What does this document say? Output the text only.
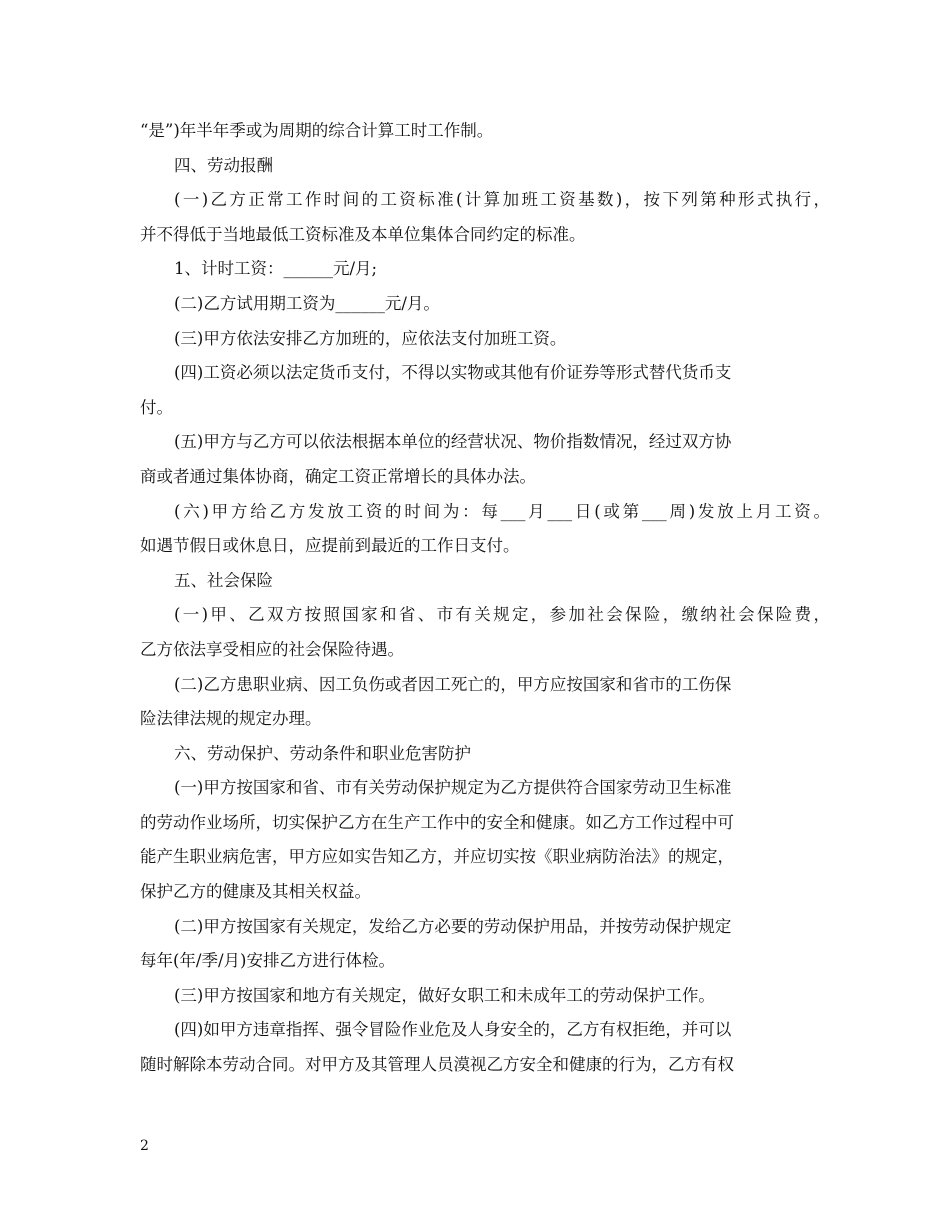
“是”)年半年季或为周期的综合计算工时工作制。
四、劳动报酬
(一)乙方正常工作时间的工资标准(计算加班工资基数)，按下列第种形式执行，
并不得低于当地最低工资标准及本单位集体合同约定的标准。
1、计时工资：______元/月;
(二)乙方试用期工资为______元/月。
(三)甲方依法安排乙方加班的，应依法支付加班工资。
(四)工资必须以法定货币支付，不得以实物或其他有价证券等形式替代货币支
付。
(五)甲方与乙方可以依法根据本单位的经营状况、物价指数情况，经过双方协
商或者通过集体协商，确定工资正常增长的具体办法。
(六)甲方给乙方发放工资的时间为：每___月___日(或第___周)发放上月工资。
如遇节假日或休息日，应提前到最近的工作日支付。
五、社会保险
(一)甲、乙双方按照国家和省、市有关规定，参加社会保险，缴纳社会保险费，
乙方依法享受相应的社会保险待遇。
(二)乙方患职业病、因工负伤或者因工死亡的，甲方应按国家和省市的工伤保
险法律法规的规定办理。
六、劳动保护、劳动条件和职业危害防护
(一)甲方按国家和省、市有关劳动保护规定为乙方提供符合国家劳动卫生标准
的劳动作业场所，切实保护乙方在生产工作中的安全和健康。如乙方工作过程中可
能产生职业病危害，甲方应如实告知乙方，并应切实按《职业病防治法》的规定，
保护乙方的健康及其相关权益。
(二)甲方按国家有关规定，发给乙方必要的劳动保护用品，并按劳动保护规定
每年(年/季/月)安排乙方进行体检。
(三)甲方按国家和地方有关规定，做好女职工和未成年工的劳动保护工作。
(四)如甲方违章指挥、强令冒险作业危及人身安全的，乙方有权拒绝，并可以
随时解除本劳动合同。对甲方及其管理人员漠视乙方安全和健康的行为，乙方有权
2
